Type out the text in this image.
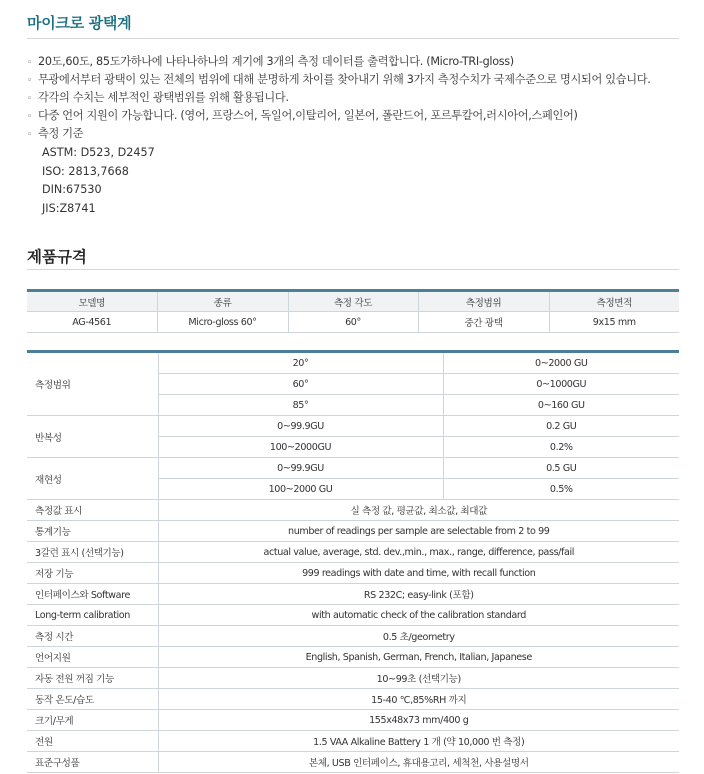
마이크로 광택계
◦ 20도,60도, 85도가하나에 나타나하나의 계기에 3개의 측정 데이터를 출력합니다. (Micro-TRI-gloss)
◦ 무광에서부터 광택이 있는 전체의 범위에 대해 분명하게 차이를 찾아내기 위해 3가지 측정수치가 국제수준으로 명시되어 있습니다.
◦ 각각의 수치는 세부적인 광택범위를 위해 활용됩니다.
◦ 다중 언어 지원이 가능합니다. (영어, 프랑스어, 독일어,이탈리어, 일본어, 폴란드어, 포르투칼어,러시아어,스페인어)
◦ 측정 기준
ASTM: D523, D2457
ISO: 2813,7668
DIN:67530
JIS:Z8741
제품규격
모델명	종류	측정 각도	측정범위	측정면적
AG-4561	Micro-gloss 60°	60°	중간 광택	9x15 mm
측정범위	20°	0~2000 GU
	60°	0~1000GU
	85°	0~160 GU
반복성	0~99.9GU	0.2 GU
	100~2000GU	0.2%
재현성	0~99.9GU	0.5 GU
	100~2000 GU	0.5%
측정값 표시	실 측정 값, 평균값, 최소값, 최대값	
통계기능	number of readings per sample are selectable from 2 to 99	
3갈런 표시 (선택기능)	actual value, average, std. dev.,min., max., range, difference, pass/fail	
저장 기능	999 readings with date and time, with recall function	
인터페이스와 Software	RS 232C; easy-link (포함)	
Long-term calibration	with automatic check of the calibration standard	
측정 시간	0.5 초/geometry	
언어지원	English, Spanish, German, French, Italian, Japanese	
자동 전원 꺼짐 기능	10~99초 (선택기능)	
동작 온도/습도	15-40 ℃,85%RH 까지	
크기/무게	155x48x73 mm/400 g	
전원	1.5 VAA Alkaline Battery 1 개 (약 10,000 번 측정)	
표준구성품	본체, USB 인터페이스, 휴대용고리, 세척천, 사용설명서	
